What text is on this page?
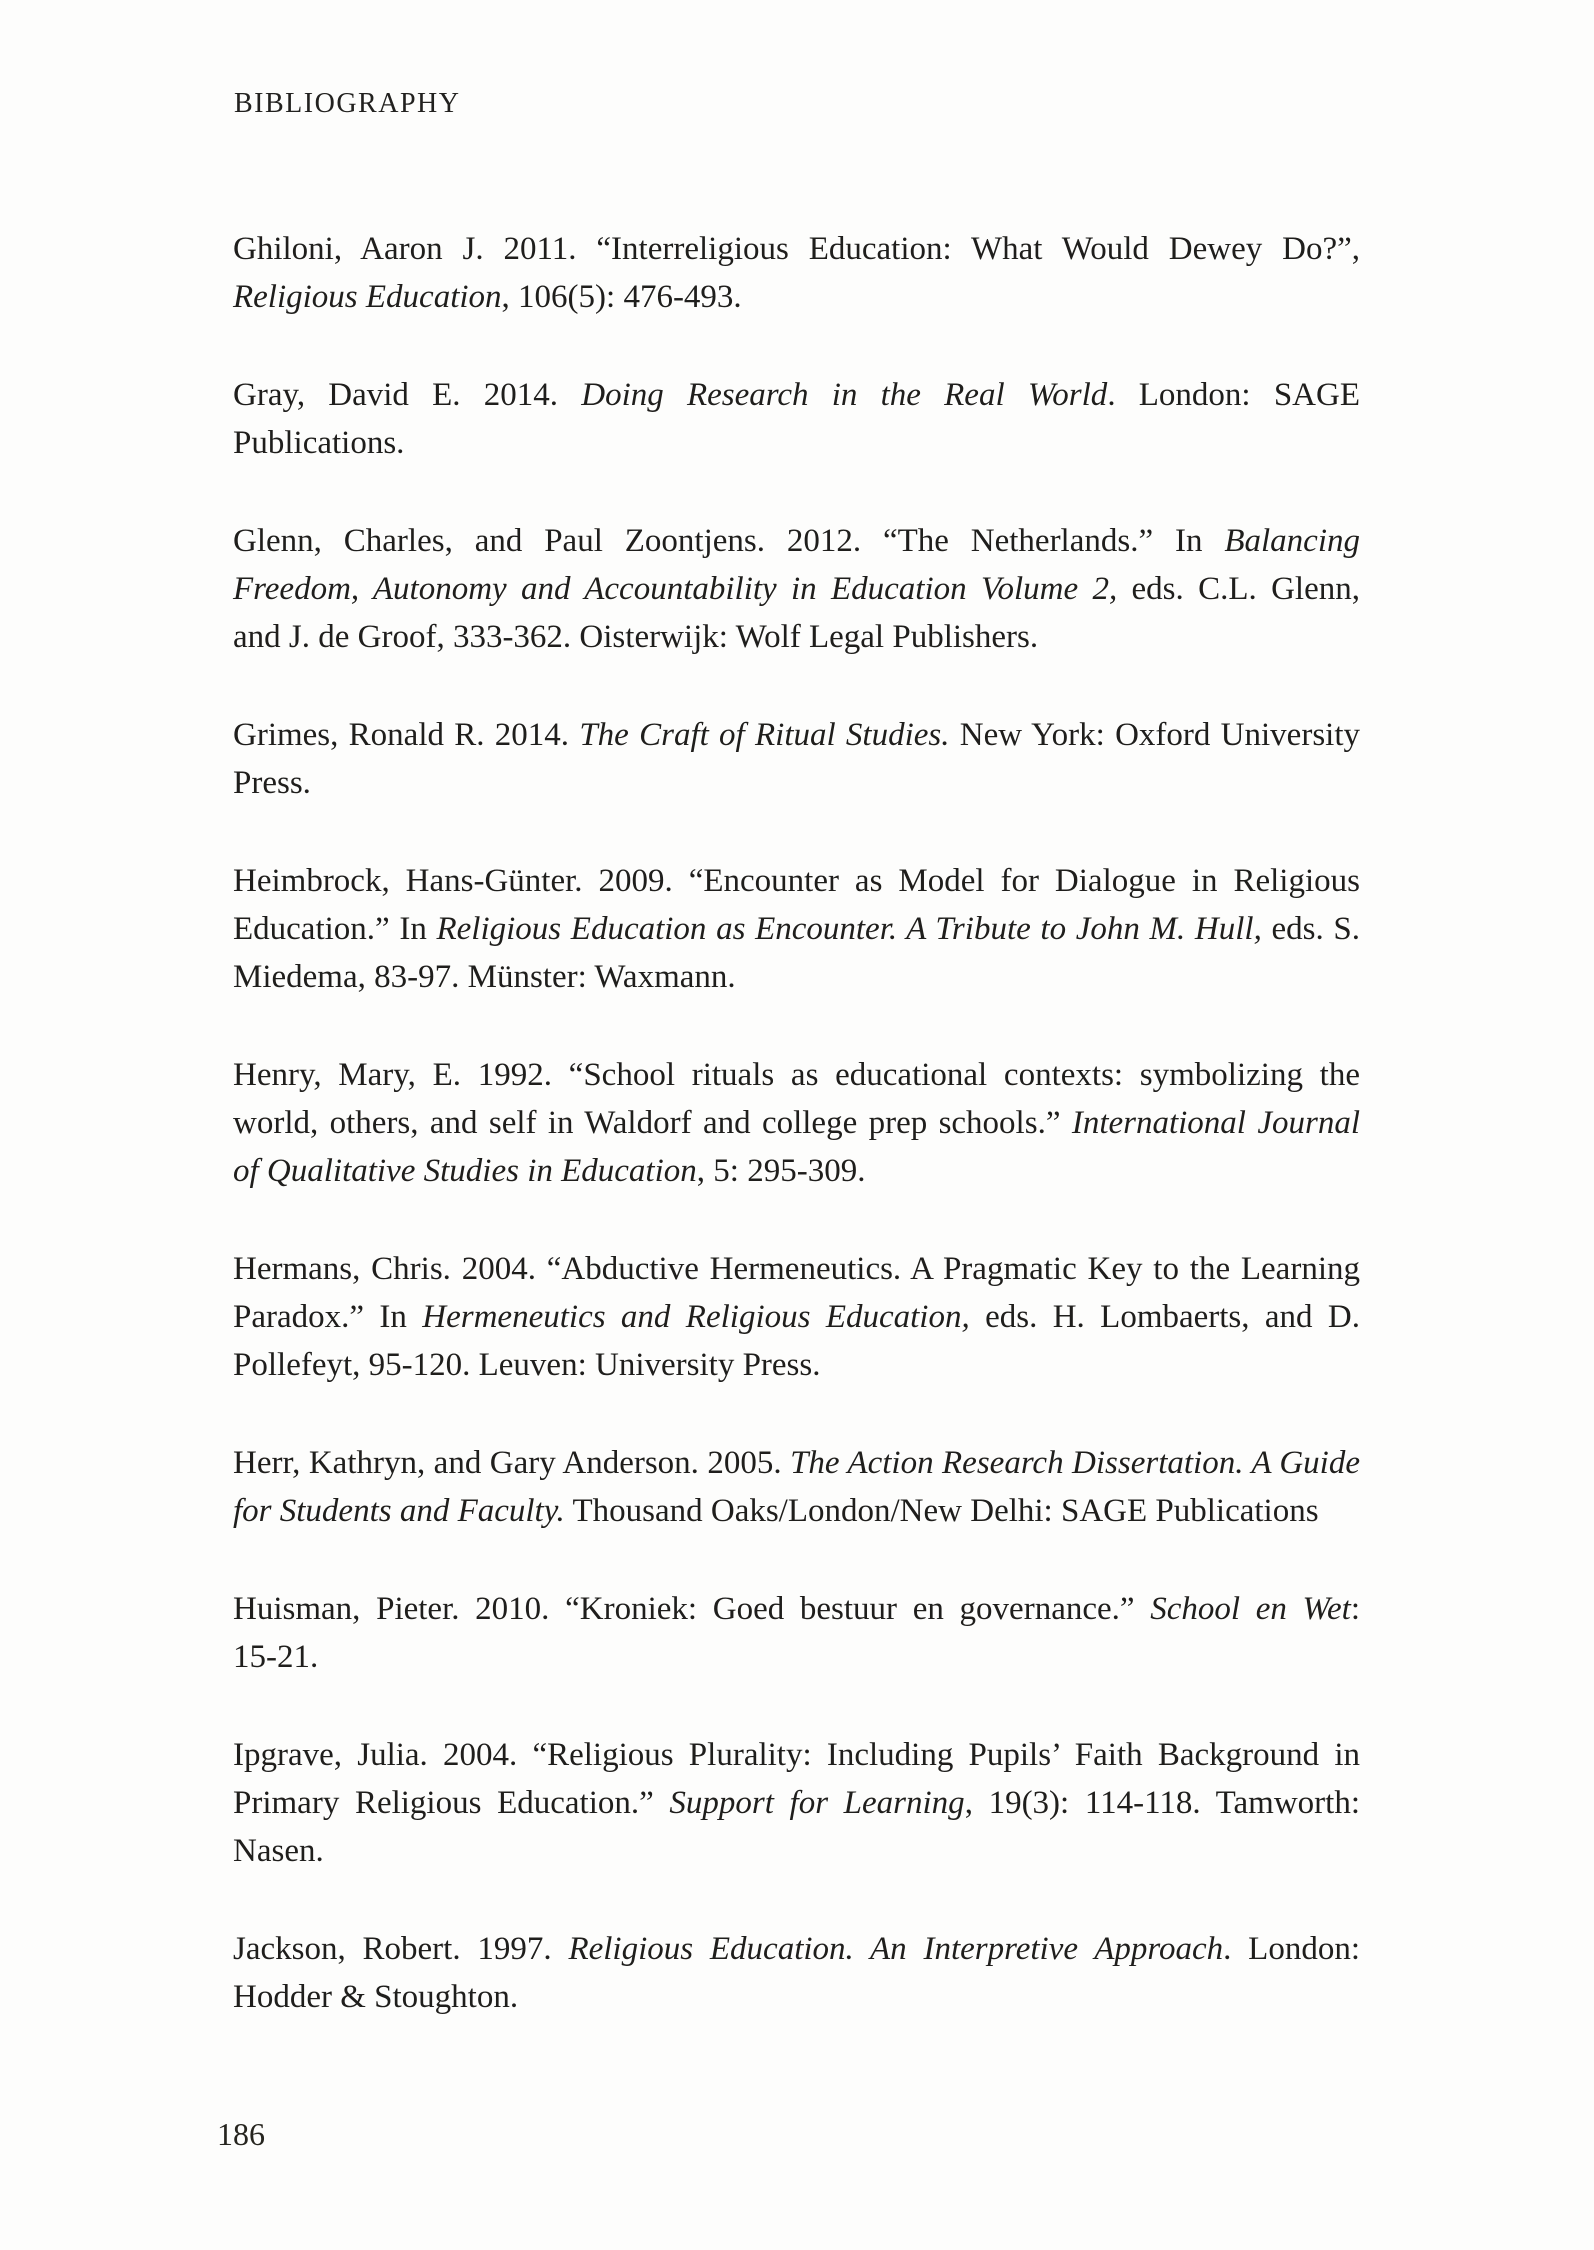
BIBLIOGRAPHY
Ghiloni, Aaron J. 2011. “Interreligious Education: What Would Dewey Do?”,
Religious Education, 106(5): 476-493.
Gray, David E. 2014. Doing Research in the Real World. London: SAGE Publications.
Glenn, Charles, and Paul Zoontjens. 2012. “The Netherlands.” In Balancing
Freedom, Autonomy and Accountability in Education Volume 2, eds. C.L. Glenn,
and J. de Groof, 333-362. Oisterwijk: Wolf Legal Publishers.
Grimes, Ronald R. 2014. The Craft of Ritual Studies. New York: Oxford University
Press.
Heimbrock, Hans-Günter. 2009. “Encounter as Model for Dialogue in Religious
Education.” In Religious Education as Encounter. A Tribute to John M. Hull, eds. S.
Miedema, 83-97. Münster: Waxmann.
Henry, Mary, E. 1992. “School rituals as educational contexts: symbolizing the
world, others, and self in Waldorf and college prep schools.” International Journal
of Qualitative Studies in Education, 5: 295-309.
Hermans, Chris. 2004. “Abductive Hermeneutics. A Pragmatic Key to the Learning
Paradox.” In Hermeneutics and Religious Education, eds. H. Lombaerts, and D.
Pollefeyt, 95-120. Leuven: University Press.
Herr, Kathryn, and Gary Anderson. 2005. The Action Research Dissertation. A Guide
for Students and Faculty. Thousand Oaks/London/New Delhi: SAGE Publications
Huisman, Pieter. 2010. “Kroniek: Goed bestuur en governance.” School en Wet:
15-21.
Ipgrave, Julia. 2004. “Religious Plurality: Including Pupils’ Faith Background in
Primary Religious Education.” Support for Learning, 19(3): 114-118. Tamworth:
Nasen.
Jackson, Robert. 1997. Religious Education. An Interpretive Approach. London:
Hodder & Stoughton.
186
